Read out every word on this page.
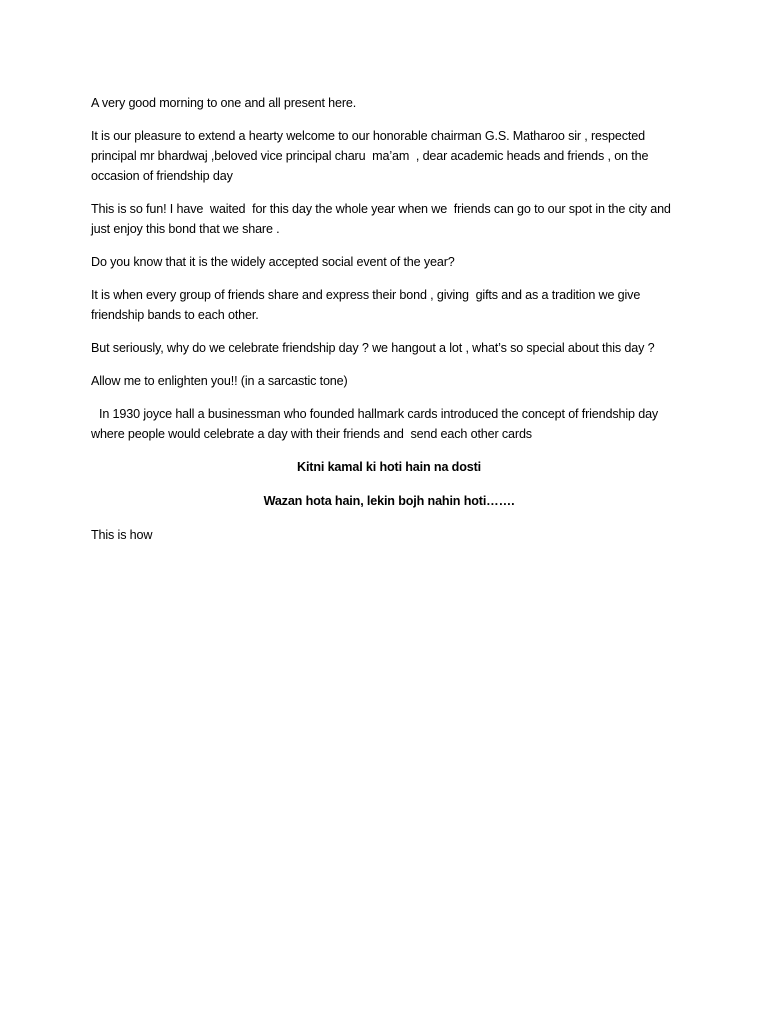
A very good morning to one and all present here.

It is our pleasure to extend a hearty welcome to our honorable chairman G.S. Matharoo sir , respected principal mr bhardwaj ,beloved vice principal charu  ma’am  , dear academic heads and friends , on the occasion of friendship day

This is so fun! I have  waited  for this day the whole year when we  friends can go to our spot in the city and just enjoy this bond that we share .

Do you know that it is the widely accepted social event of the year?

It is when every group of friends share and express their bond , giving  gifts and as a tradition we give friendship bands to each other.

But seriously, why do we celebrate friendship day ? we hangout a lot , what’s so special about this day ?

Allow me to enlighten you!! (in a sarcastic tone)

In 1930 joyce hall a businessman who founded hallmark cards introduced the concept of friendship day where people would celebrate a day with their friends and  send each other cards

Kitni kamal ki hoti hain na dosti

Wazan hota hain, lekin bojh nahin hoti…….

This is how
